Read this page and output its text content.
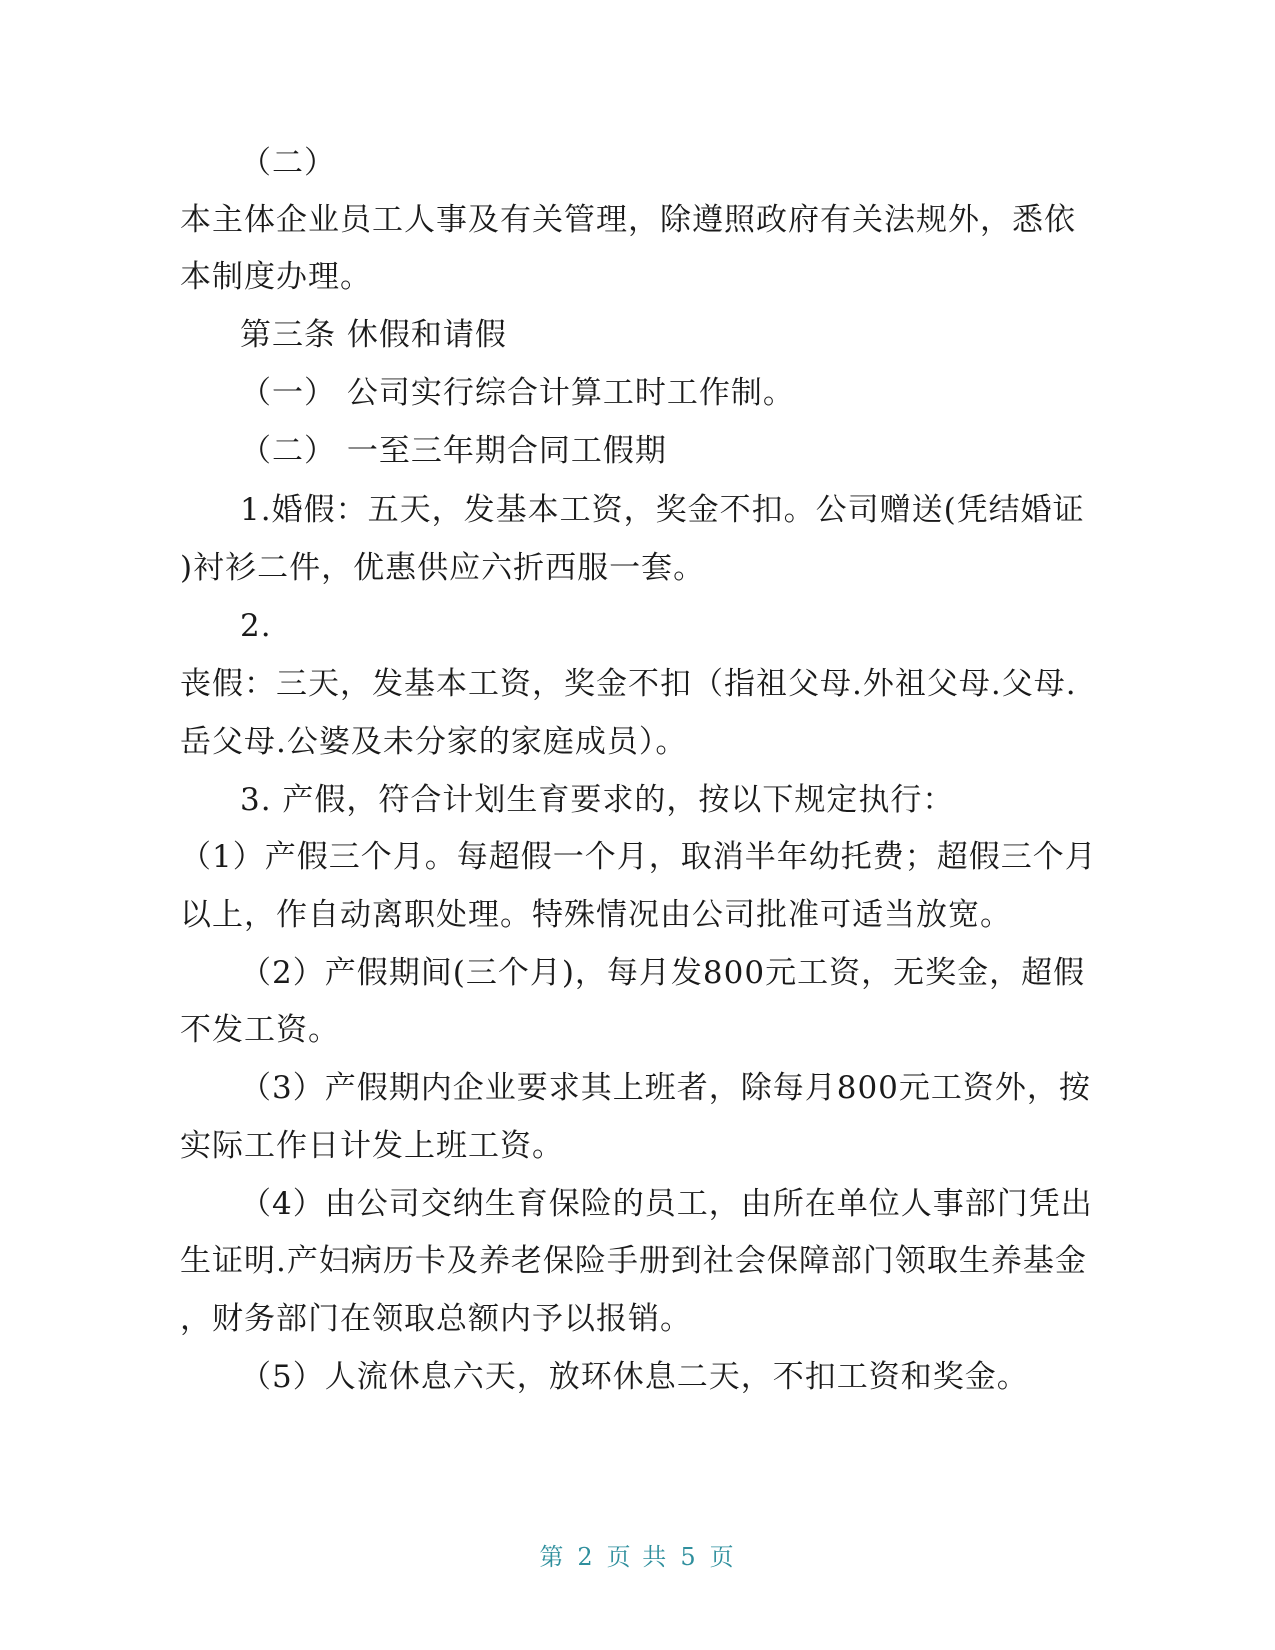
（二）
本主体企业员工人事及有关管理，除遵照政府有关法规外，悉依
本制度办理。
第三条 休假和请假
（一） 公司实行综合计算工时工作制。
（二） 一至三年期合同工假期
1.婚假：五天，发基本工资，奖金不扣。公司赠送(凭结婚证
)衬衫二件，优惠供应六折西服一套。
2.
丧假：三天，发基本工资，奖金不扣（指祖父母.外祖父母.父母.
岳父母.公婆及未分家的家庭成员）。
3. 产假，符合计划生育要求的，按以下规定执行：
（1）产假三个月。每超假一个月，取消半年幼托费；超假三个月
以上，作自动离职处理。特殊情况由公司批准可适当放宽。
（2）产假期间(三个月)，每月发800元工资，无奖金，超假
不发工资。
（3）产假期内企业要求其上班者，除每月800元工资外，按
实际工作日计发上班工资。
（4）由公司交纳生育保险的员工，由所在单位人事部门凭出
生证明.产妇病历卡及养老保险手册到社会保障部门领取生养基金
，财务部门在领取总额内予以报销。
（5）人流休息六天，放环休息二天，不扣工资和奖金。
第 2 页 共 5 页
